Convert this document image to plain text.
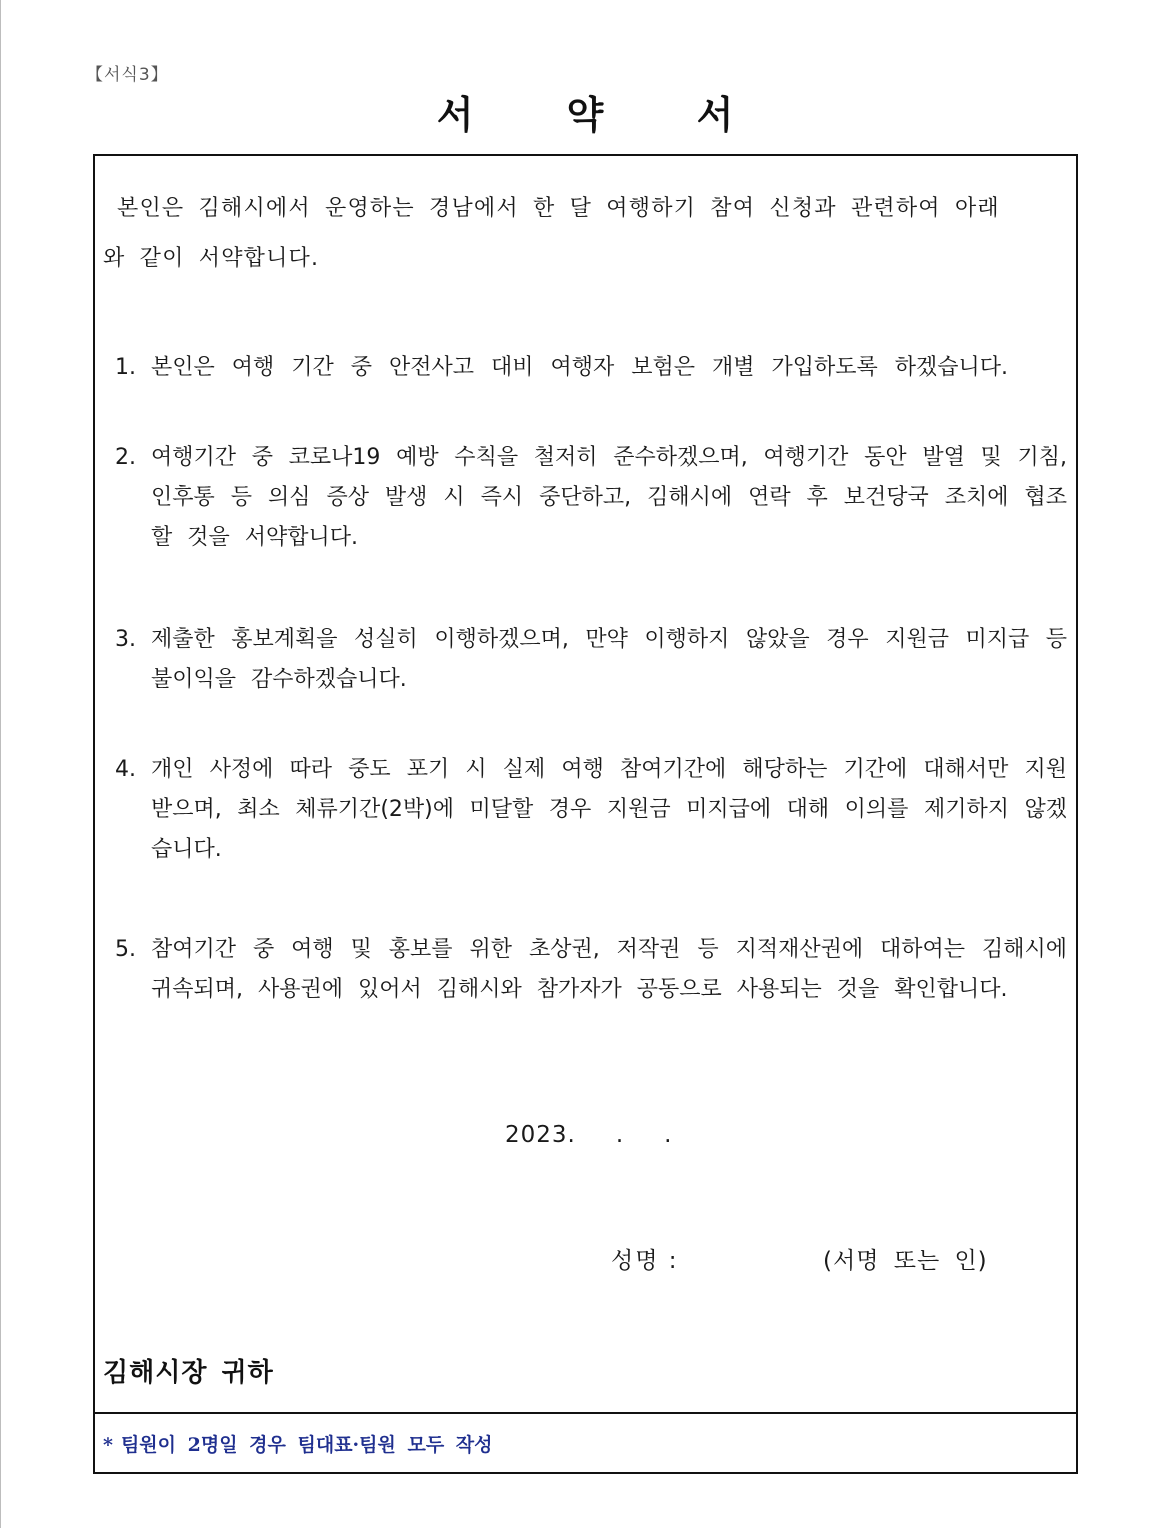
【서식3】
서 약 서
본인은 김해시에서 운영하는 경남에서 한 달 여행하기 참여 신청과 관련하여 아래
와 같이 서약합니다.
1. 본인은 여행 기간 중 안전사고 대비 여행자 보험은 개별 가입하도록 하겠습니다.
2. 여행기간 중 코로나19 예방 수칙을 철저히 준수하겠으며, 여행기간 동안 발열 및 기침, 인후통 등 의심 증상 발생 시 즉시 중단하고, 김해시에 연락 후 보건당국 조치에 협조할 것을 서약합니다.
3. 제출한 홍보계획을 성실히 이행하겠으며, 만약 이행하지 않았을 경우 지원금 미지급 등 불이익을 감수하겠습니다.
4. 개인 사정에 따라 중도 포기 시 실제 여행 참여기간에 해당하는 기간에 대해서만 지원받으며, 최소 체류기간(2박)에 미달할 경우 지원금 미지급에 대해 이의를 제기하지 않겠습니다.
5. 참여기간 중 여행 및 홍보를 위한 초상권, 저작권 등 지적재산권에 대하여는 김해시에 귀속되며, 사용권에 있어서 김해시와 참가자가 공동으로 사용되는 것을 확인합니다.
2023. . .
성명 :	(서명 또는 인)
김해시장 귀하
* 팀원이 2명일 경우 팀대표·팀원 모두 작성
